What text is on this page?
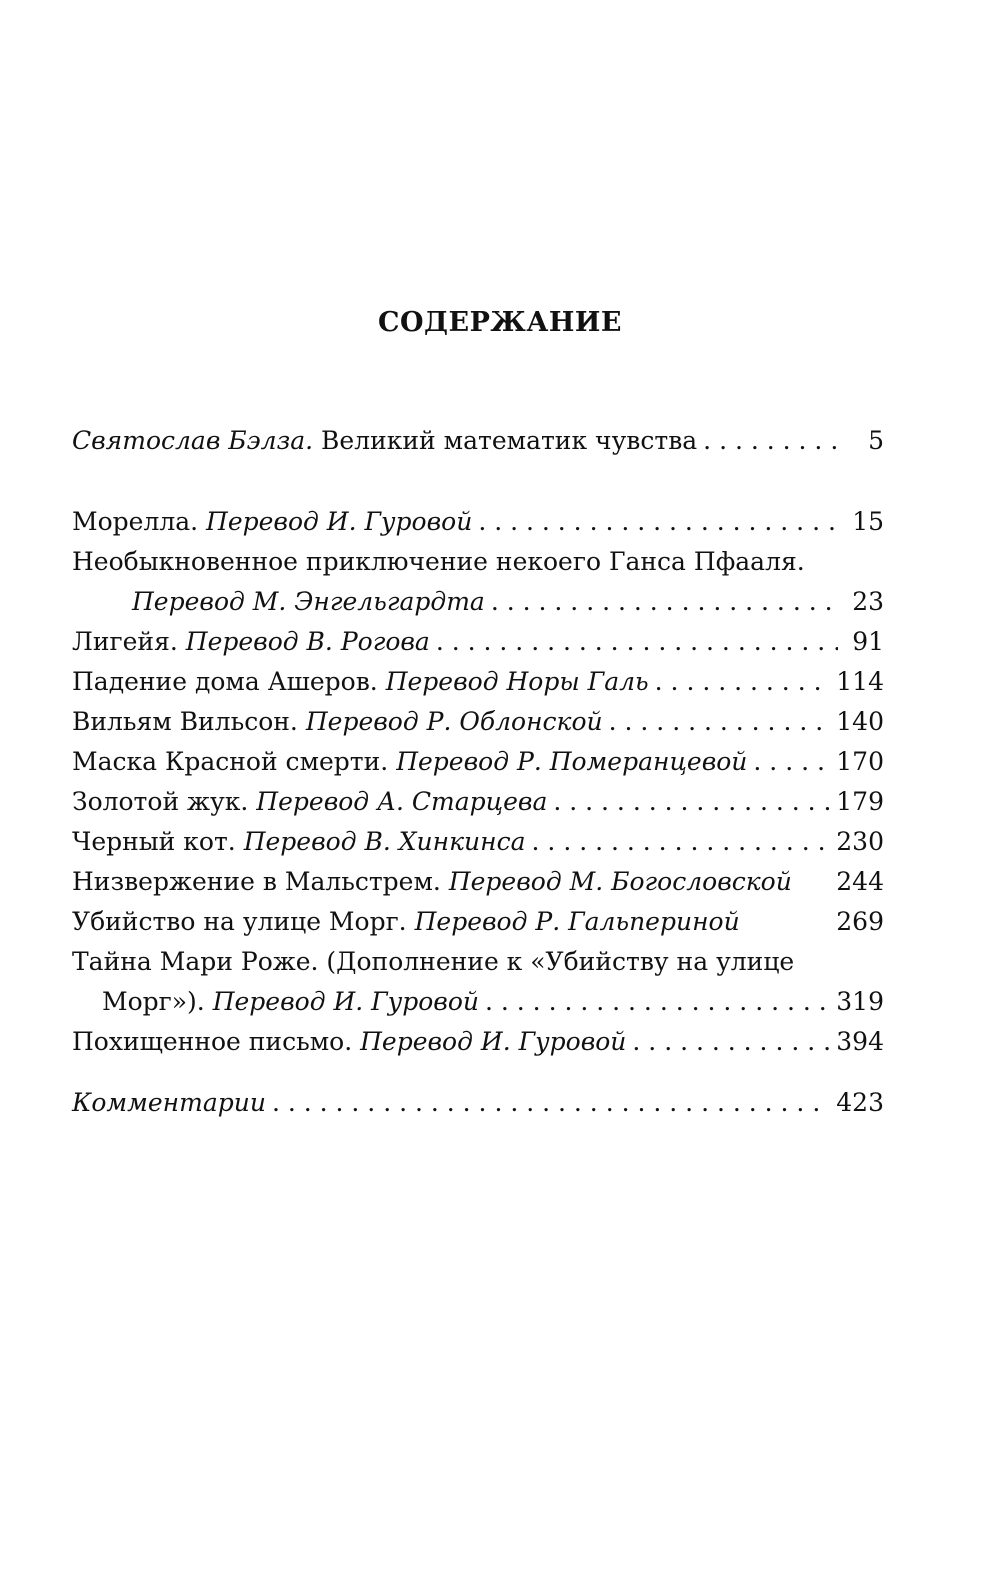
СОДЕРЖАНИЕ
Святослав Бэлза. Великий математик чувства . . .	5
Морелла. Перевод И. Гуровой . . .	15
Необыкновенное приключение некоего Ганса Пфааля.
Перевод М. Энгельгардта . . .	23
Лигейя. Перевод В. Рогова . . .	91
Падение дома Ашеров. Перевод Норы Галь . . .	114
Вильям Вильсон. Перевод Р. Облонской . . .	140
Маска Красной смерти. Перевод Р. Померанцевой . . .	170
Золотой жук. Перевод А. Старцева . . .	179
Черный кот. Перевод В. Хинкинса . . .	230
Низвержение в Мальстрем. Перевод М. Богословской 244
Убийство на улице Морг. Перевод Р. Гальпериной	269
Тайна Мари Роже. (Дополнение к «Убийству на улице
Морг»). Перевод И. Гуровой . . .	319
Похищенное письмо. Перевод И. Гуровой . . .	394
Комментарии . . .	423
